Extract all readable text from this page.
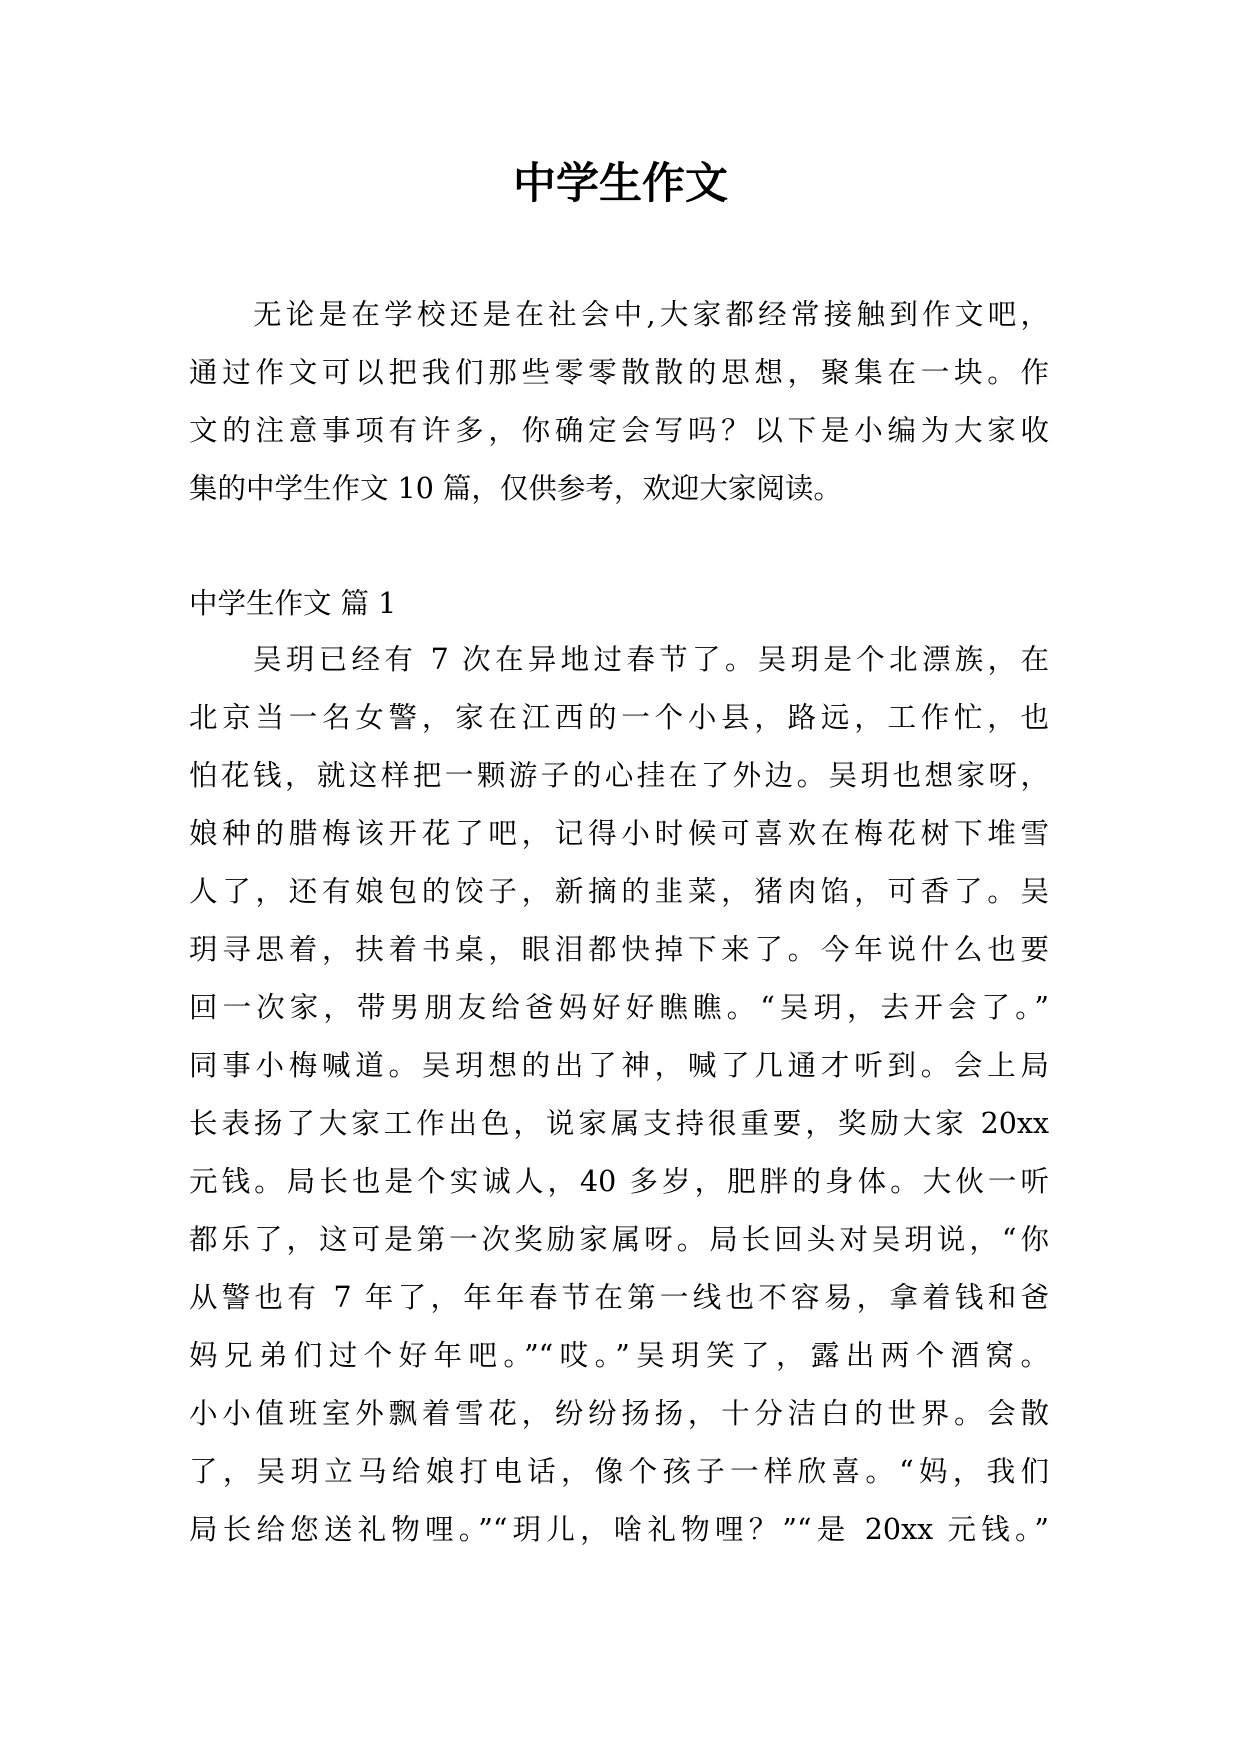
中学生作文
无论是在学校还是在社会中,大家都经常接触到作文吧，
通过作文可以把我们那些零零散散的思想，聚集在一块。作
文的注意事项有许多，你确定会写吗？以下是小编为大家收
集的中学生作文 10 篇，仅供参考，欢迎大家阅读。
中学生作文 篇 1
吴玥已经有 7 次在异地过春节了。吴玥是个北漂族，在
北京当一名女警，家在江西的一个小县，路远，工作忙，也
怕花钱，就这样把一颗游子的心挂在了外边。吴玥也想家呀，
娘种的腊梅该开花了吧，记得小时候可喜欢在梅花树下堆雪
人了，还有娘包的饺子，新摘的韭菜，猪肉馅，可香了。吴
玥寻思着，扶着书桌，眼泪都快掉下来了。今年说什么也要
回一次家，带男朋友给爸妈好好瞧瞧。“吴玥，去开会了。”
同事小梅喊道。吴玥想的出了神，喊了几通才听到。会上局
长表扬了大家工作出色，说家属支持很重要，奖励大家 20xx
元钱。局长也是个实诚人，40 多岁，肥胖的身体。大伙一听
都乐了，这可是第一次奖励家属呀。局长回头对吴玥说，“你
从警也有 7 年了，年年春节在第一线也不容易，拿着钱和爸
妈兄弟们过个好年吧。”“哎。”吴玥笑了，露出两个酒窝。
小小值班室外飘着雪花，纷纷扬扬，十分洁白的世界。会散
了，吴玥立马给娘打电话，像个孩子一样欣喜。“妈，我们
局长给您送礼物哩。”“玥儿，啥礼物哩？”“是 20xx 元钱。”
